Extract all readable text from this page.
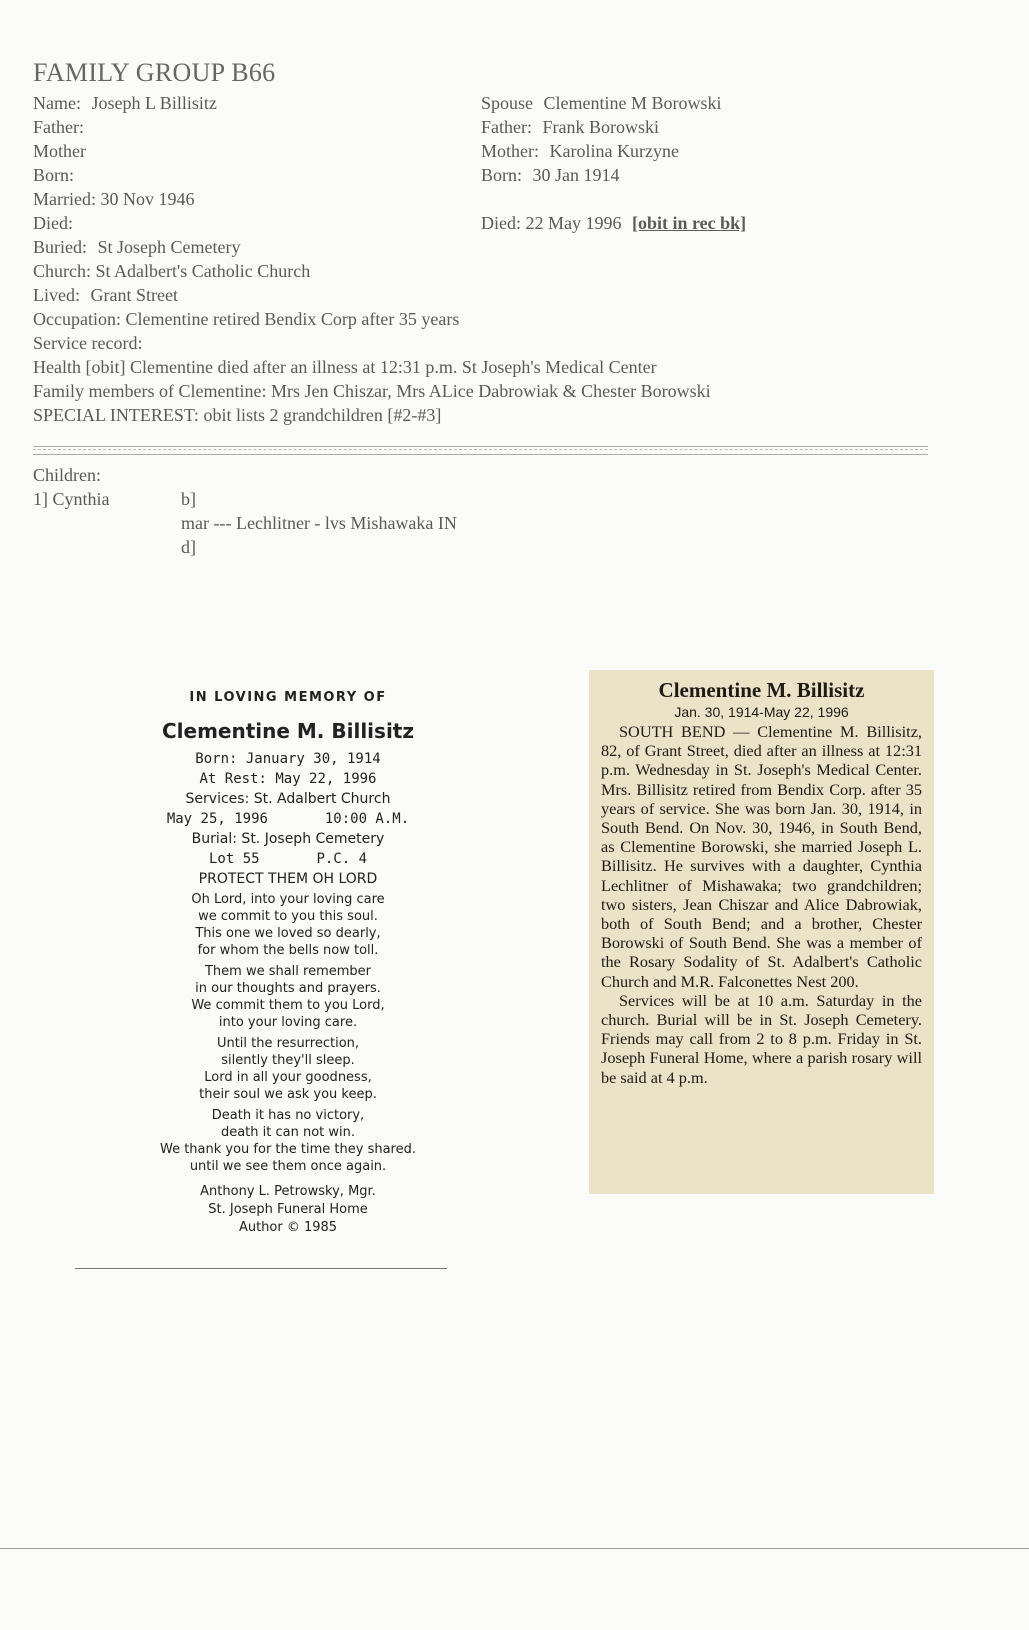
FAMILY GROUP B66
Name: Joseph L Billisitz
Father:
Mother
Born:
Married: 30 Nov 1946
Died:
Buried: St Joseph Cemetery
Church: St Adalbert's Catholic Church
Lived: Grant Street
Occupation: Clementine retired Bendix Corp after 35 years
Service record:
Health [obit] Clementine died after an illness at 12:31 p.m. St Joseph's Medical Center
Family members of Clementine: Mrs Jen Chiszar, Mrs ALice Dabrowiak & Chester Borowski
SPECIAL INTEREST: obit lists 2 grandchildren [#2-#3]
Spouse Clementine M Borowski
Father: Frank Borowski
Mother: Karolina Kurzyne
Born: 30 Jan 1914
Died: 22 May 1996 [obit in rec bk]
Children:
1] Cynthia	b]
mar --- Lechlitner - lvs Mishawaka IN
d]
IN LOVING MEMORY OF
Clementine M. Billisitz
Born: January 30, 1914
At Rest: May 22, 1996
Services: St. Adalbert Church
May 25, 1996	10:00 A.M.
Burial: St. Joseph Cemetery
Lot 55	P.C. 4
PROTECT THEM OH LORD
Oh Lord, into your loving care
we commit to you this soul.
This one we loved so dearly,
for whom the bells now toll.
Them we shall remember
in our thoughts and prayers.
We commit them to you Lord,
into your loving care.
Until the resurrection,
silently they'll sleep.
Lord in all your goodness,
their soul we ask you keep.
Death it has no victory,
death it can not win.
We thank you for the time they shared.
until we see them once again.
Anthony L. Petrowsky, Mgr.
St. Joseph Funeral Home
Author © 1985
Clementine M. Billisitz
Jan. 30, 1914-May 22, 1996

SOUTH BEND — Clementine M. Billisitz, 82, of Grant Street, died after an illness at 12:31 p.m. Wednesday in St. Joseph's Medical Center. Mrs. Billisitz retired from Bendix Corp. after 35 years of service. She was born Jan. 30, 1914, in South Bend. On Nov. 30, 1946, in South Bend, as Clementine Borowski, she married Joseph L. Billisitz. He survives with a daughter, Cynthia Lechlitner of Mishawaka; two grandchildren; two sisters, Jean Chiszar and Alice Dabrowiak, both of South Bend; and a brother, Chester Borowski of South Bend. She was a member of the Rosary Sodality of St. Adalbert's Catholic Church and M.R. Falconettes Nest 200.

Services will be at 10 a.m. Saturday in the church. Burial will be in St. Joseph Cemetery. Friends may call from 2 to 8 p.m. Friday in St. Joseph Funeral Home, where a parish rosary will be said at 4 p.m.
